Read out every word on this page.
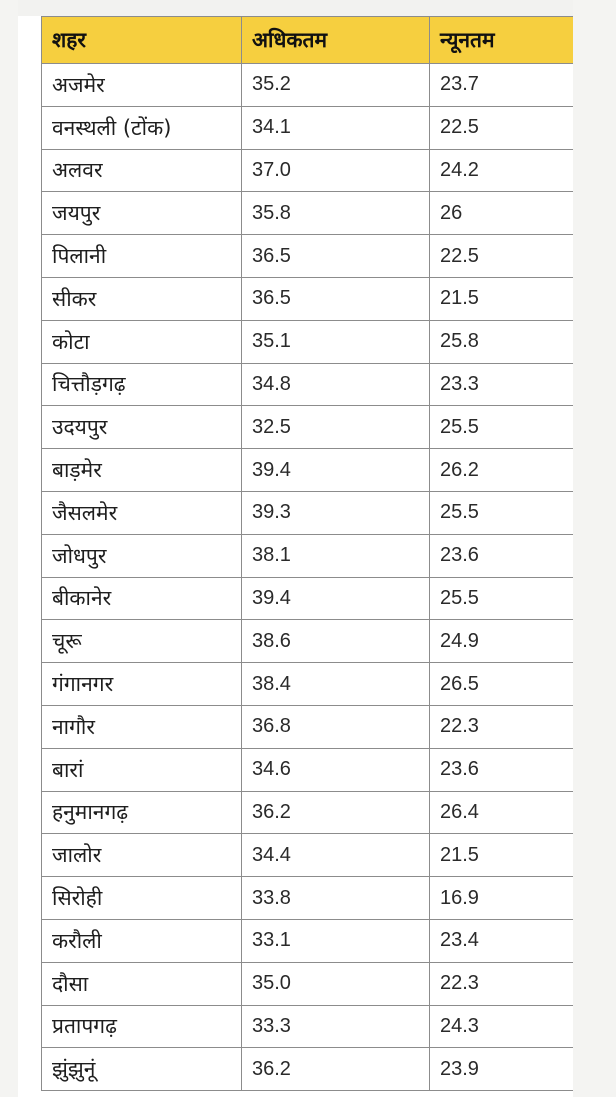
शहर	अधिकतम	न्यूनतम
अजमेर	35.2	23.7
वनस्थली (टोंक)	34.1	22.5
अलवर	37.0	24.2
जयपुर	35.8	26
पिलानी	36.5	22.5
सीकर	36.5	21.5
कोटा	35.1	25.8
चित्तौड़गढ़	34.8	23.3
उदयपुर	32.5	25.5
बाड़मेर	39.4	26.2
जैसलमेर	39.3	25.5
जोधपुर	38.1	23.6
बीकानेर	39.4	25.5
चूरू	38.6	24.9
गंगानगर	38.4	26.5
नागौर	36.8	22.3
बारां	34.6	23.6
हनुमानगढ़	36.2	26.4
जालोर	34.4	21.5
सिरोही	33.8	16.9
करौली	33.1	23.4
दौसा	35.0	22.3
प्रतापगढ़	33.3	24.3
झुंझुनूं	36.2	23.9
